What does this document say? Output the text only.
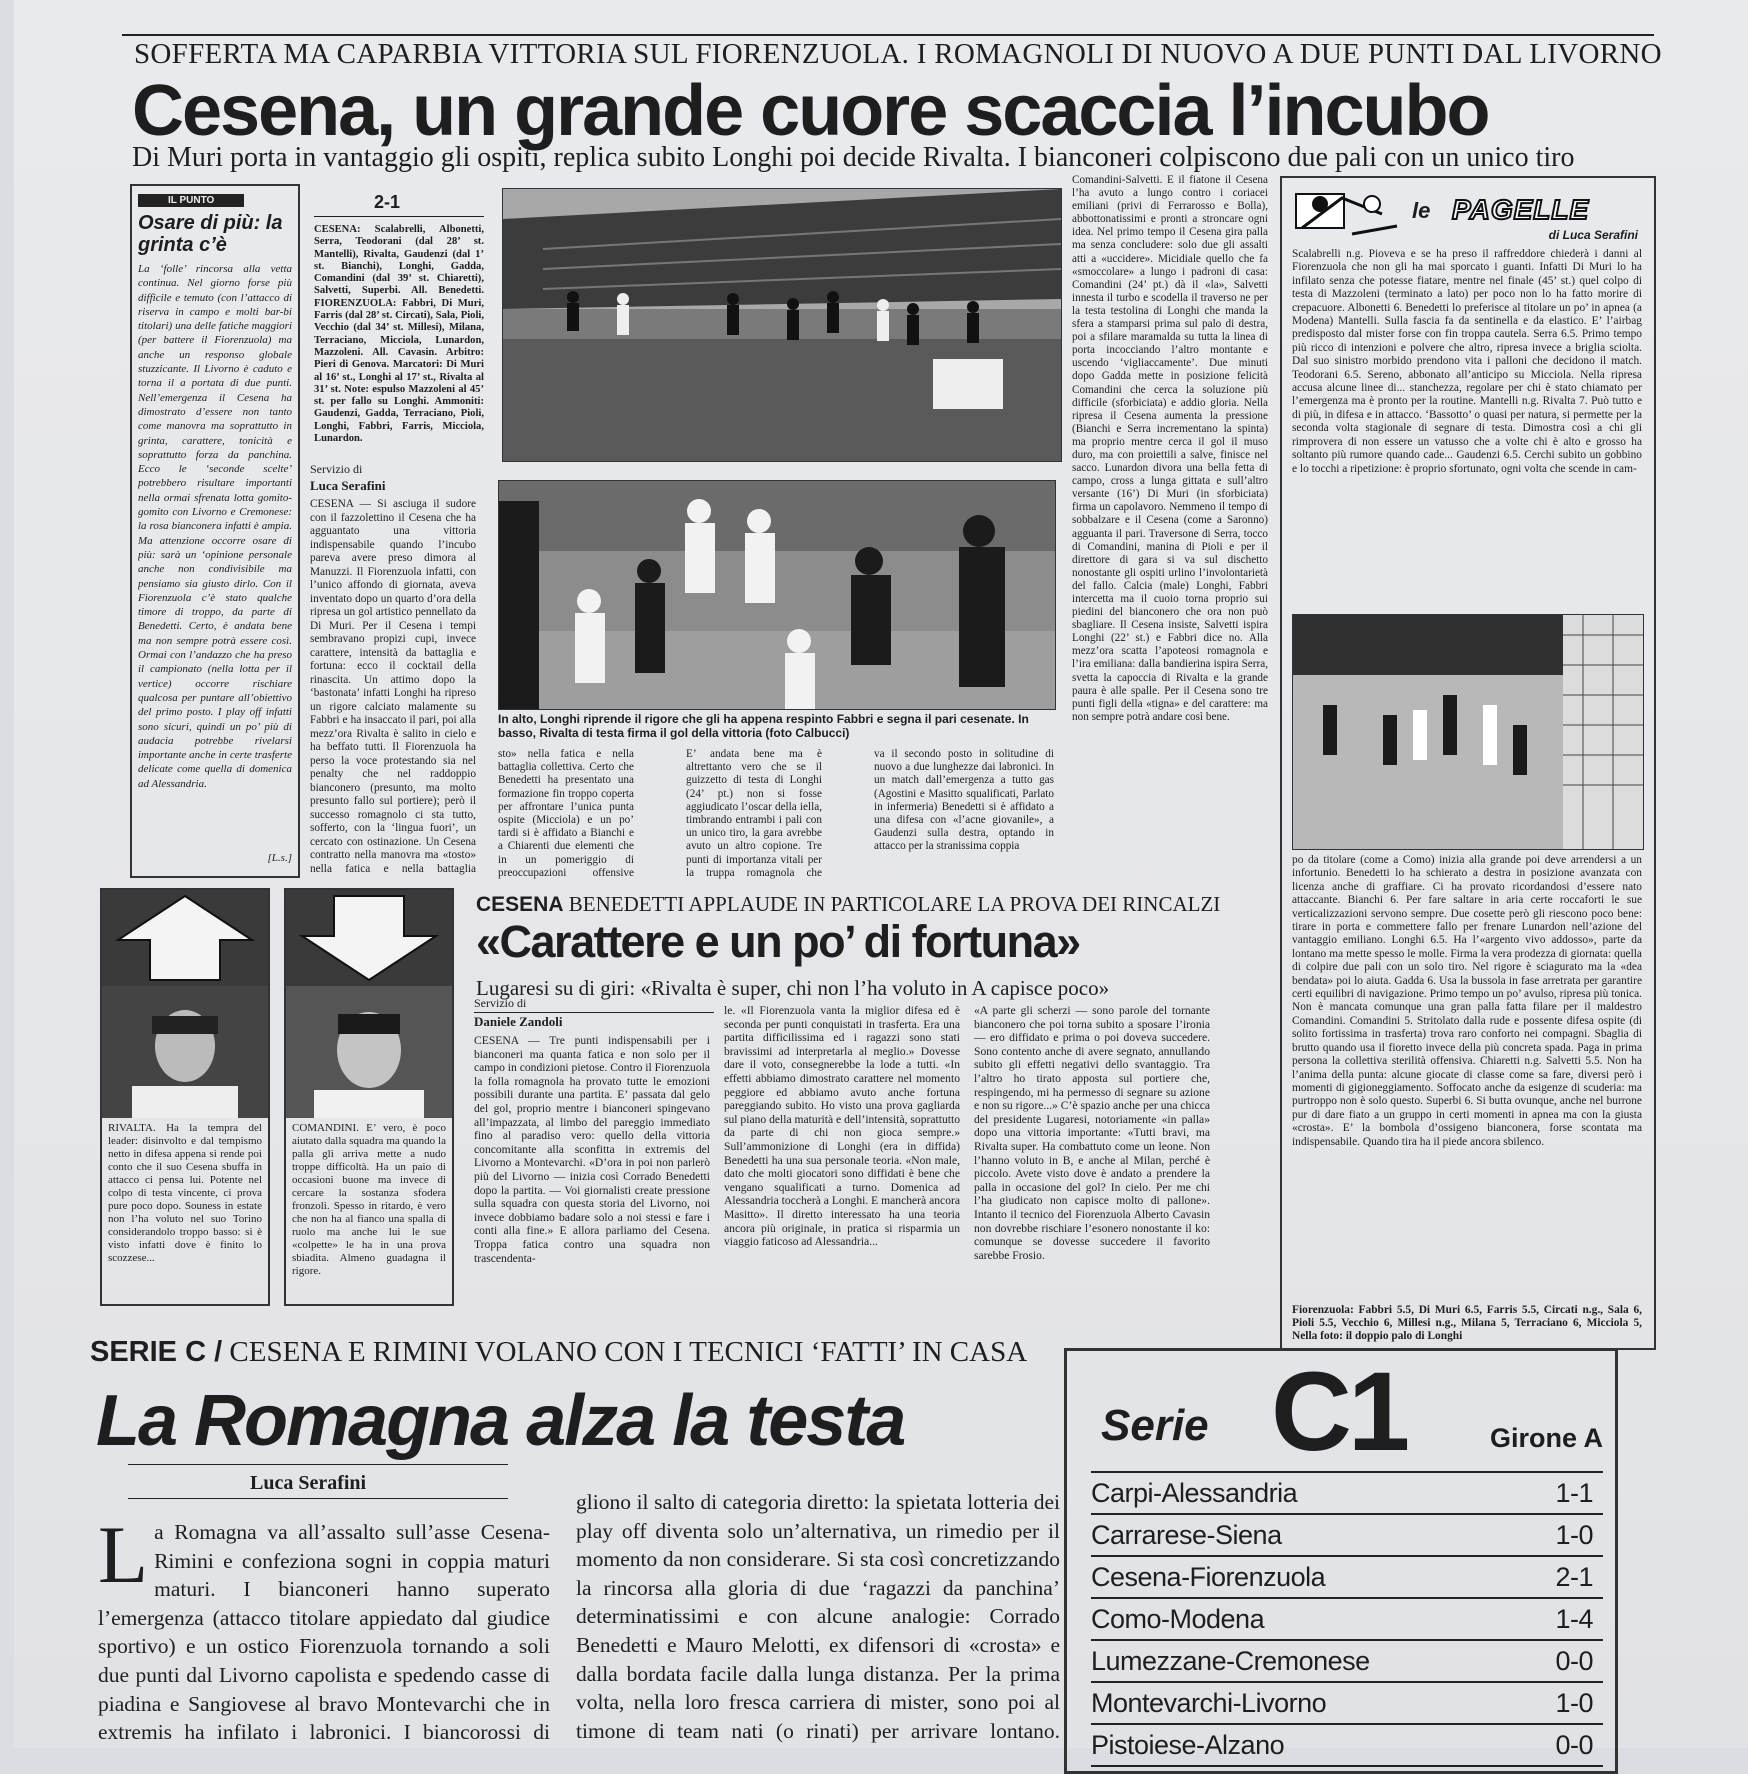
SOFFERTA MA CAPARBIA VITTORIA SUL FIORENZUOLA. I ROMAGNOLI DI NUOVO A DUE PUNTI DAL LIVORNO
Cesena, un grande cuore scaccia l’incubo
Di Muri porta in vantaggio gli ospiti, replica subito Longhi poi decide Rivalta. I bianconeri colpiscono due pali con un unico tiro
IL PUNTO
Osare di più: la grinta c’è
La ‘folle’ rincorsa alla vetta continua. Nel giorno forse più difficile e temuto (con l’attacco di riserva in campo e molti bar-bi titolari) una delle fatiche maggiori (per battere il Fiorenzuola) ma anche un responso globale stuzzicante. Il Livorno è caduto e torna il a portata di due punti. Nell’emergenza il Cesena ha dimostrato d’essere non tanto come manovra ma soprattutto in grinta, carattere, tonicità e soprattutto forza da panchina. Ecco le ‘seconde scelte’ potrebbero risultare importanti nella ormai sfrenata lotta gomito-gomito con Livorno e Cremonese: la rosa bianconera infatti è ampia. Ma attenzione occorre osare di più: sarà un ‘opinione personale anche non condivisibile ma pensiamo sia giusto dirlo. Con il Fiorenzuola c’è stato qualche timore di troppo, da parte di Benedetti. Certo, è andata bene ma non sempre potrà essere così. Ormai con l’andazzo che ha preso il campionato (nella lotta per il vertice) occorre rischiare qualcosa per puntare all’obiettivo del primo posto. I play off infatti sono sicuri, quindi un po’ più di audacia potrebbe rivelarsi importante anche in certe trasferte delicate come quella di domenica ad Alessandria.
[L.s.]
2-1
CESENA: Scalabrelli, Albonetti, Serra, Teodorani (dal 28’ st. Mantelli), Rivalta, Gaudenzi (dal 1’ st. Bianchi), Longhi, Gadda, Comandini (dal 39’ st. Chiaretti), Salvetti, Superbi. All. Benedetti. FIORENZUOLA: Fabbri, Di Muri, Farris (dal 28’ st. Circati), Sala, Pioli, Vecchio (dal 34’ st. Millesi), Milana, Terraciano, Micciola, Lunardon, Mazzoleni. All. Cavasin. Arbitro: Pieri di Genova. Marcatori: Di Muri al 16’ st., Longhi al 17’ st., Rivalta al 31’ st. Note: espulso Mazzoleni al 45’ st. per fallo su Longhi. Ammoniti: Gaudenzi, Gadda, Terraciano, Pioli, Longhi, Fabbri, Farris, Micciola, Lunardon.
Servizio di
Luca Serafini
CESENA — Si asciuga il sudore con il fazzolettino il Cesena che ha agguantato una vittoria indispensabile quando l’incubo pareva avere preso dimora al Manuzzi. Il Fiorenzuola infatti, con l’unico affondo di giornata, aveva inventato dopo un quarto d’ora della ripresa un gol artistico pennellato da Di Muri. Per il Cesena i tempi sembravano propizi cupi, invece carattere, intensità da battaglia e fortuna: ecco il cocktail della rinascita. Un attimo dopo la ‘bastonata’ infatti Longhi ha ripreso un rigore calciato malamente su Fabbri e ha insaccato il pari, poi alla mezz’ora Rivalta è salito in cielo e ha beffato tutti. Il Fiorenzuola ha perso la voce protestando sia nel penalty che nel raddoppio bianconero (presunto, ma molto presunto fallo sul portiere); però il successo romagnolo ci sta tutto, sofferto, con la ‘lingua fuori’, un cercato con ostinazione. Un Cesena contratto nella manovra ma «tosto» nella fatica e nella battaglia
In alto, Longhi riprende il rigore che gli ha appena respinto Fabbri e segna il pari cesenate. In basso, Rivalta di testa firma il gol della vittoria (foto Calbucci)
sto» nella fatica e nella battaglia collettiva. Certo che Benedetti ha presentato una formazione fin troppo coperta per affrontare l’unica punta ospite (Micciola) e un po’ tardi si è affidato a Bianchi e a Chiarenti due elementi che in un pomeriggio di preoccupazioni offensive
E’ andata bene ma è altrettanto vero che se il guizzetto di testa di Longhi (24’ pt.) non si fosse aggiudicato l’oscar della iella, timbrando entrambi i pali con un unico tiro, la gara avrebbe avuto un altro copione. Tre punti di importanza vitali per la truppa romagnola che
va il secondo posto in solitudine di nuovo a due lunghezze dai labronici. In un match dall’emergenza a tutto gas (Agostini e Masitto squalificati, Parlato in infermeria) Benedetti si è affidato a una difesa con «l’acne giovanile», a Gaudenzi sulla destra, optando in attacco per la stranissima coppia
Comandini-Salvetti. E il fiatone il Cesena l’ha avuto a lungo contro i coriacei emiliani (privi di Ferrarosso e Bolla), abbottonatissimi e pronti a stroncare ogni idea. Nel primo tempo il Cesena gira palla ma senza concludere: solo due gli assalti atti a «uccidere». Micidiale quello che fa «smoccolare» a lungo i padroni di casa: Comandini (24’ pt.) dà il «la», Salvetti innesta il turbo e scodella il traverso ne per la testa testolina di Longhi che manda la sfera a stamparsi prima sul palo di destra, poi a sfilare maramalda su tutta la linea di porta incocciando l’altro montante e uscendo ‘vigliaccamente’. Due minuti dopo Gadda mette in posizione felicità Comandini che cerca la soluzione più difficile (sforbiciata) e addio gloria. Nella ripresa il Cesena aumenta la pressione (Bianchi e Serra incrementano la spinta) ma proprio mentre cerca il gol il muso duro, ma con proiettili a salve, finisce nel sacco. Lunardon divora una bella fetta di campo, cross a lunga gittata e sull’altro versante (16’) Di Muri (in sforbiciata) firma un capolavoro. Nemmeno il tempo di sobbalzare e il Cesena (come a Saronno) agguanta il pari. Traversone di Serra, tocco di Comandini, manina di Pioli e per il direttore di gara si va sul dischetto nonostante gli ospiti urlino l’involontarietà del fallo. Calcia (male) Longhi, Fabbri intercetta ma il cuoio torna proprio sui piedini del bianconero che ora non può sbagliare. Il Cesena insiste, Salvetti ispira Longhi (22’ st.) e Fabbri dice no. Alla mezz’ora scatta l’apoteosi romagnola e l’ira emiliana: dalla bandierina ispira Serra, svetta la capoccia di Rivalta e la grande paura è alle spalle. Per il Cesena sono tre punti figli della «tigna» e del carattere: ma non sempre potrà andare così bene.
le PAGELLE
di Luca Serafini
Scalabrelli n.g. Pioveva e se ha preso il raffreddore chiederà i danni al Fiorenzuola che non gli ha mai sporcato i guanti. Infatti Di Muri lo ha infilato senza che potesse fiatare, mentre nel finale (45’ st.) quel colpo di testa di Mazzoleni (terminato a lato) per poco non lo ha fatto morire di crepacuore. Albonetti 6. Benedetti lo preferisce al titolare un po’ in apnea (a Modena) Mantelli. Sulla fascia fa da sentinella e da elastico. E’ l’airbag predisposto dal mister forse con fin troppa cautela. Serra 6.5. Primo tempo più ricco di intenzioni e polvere che altro, ripresa invece a briglia sciolta. Dal suo sinistro morbido prendono vita i palloni che decidono il match. Teodorani 6.5. Sereno, abbonato all’anticipo su Micciola. Nella ripresa accusa alcune linee di... stanchezza, regolare per chi è stato chiamato per l’emergenza ma è pronto per la routine. Mantelli n.g. Rivalta 7. Può tutto e di più, in difesa e in attacco. ‘Bassotto’ o quasi per natura, si permette per la seconda volta stagionale di segnare di testa. Dimostra così a chi gli rimprovera di non essere un vatusso che a volte chi è alto e grosso ha soltanto più rumore quando cade... Gaudenzi 6.5. Cerchi subito un gobbino e lo tocchi a ripetizione: è proprio sfortunato, ogni volta che scende in cam-
po da titolare (come a Como) inizia alla grande poi deve arrendersi a un infortunio. Benedetti lo ha schierato a destra in posizione avanzata con licenza anche di graffiare. Ci ha provato ricordandosi d’essere nato attaccante. Bianchi 6. Per fare saltare in aria certe roccaforti le sue verticalizzazioni servono sempre. Due cosette però gli riescono poco bene: tirare in porta e commettere fallo per frenare Lunardon nell’azione del vantaggio emiliano. Longhi 6.5. Ha l’«argento vivo addosso», parte da lontano ma mette spesso le molle. Firma la vera prodezza di giornata: quella di colpire due pali con un solo tiro. Nel rigore è sciagurato ma la «dea bendata» poi lo aiuta. Gadda 6. Usa la bussola in fase arretrata per garantire certi equilibri di navigazione. Primo tempo un po’ avulso, ripresa più tonica. Non è mancata comunque una gran palla fatta filare per il maldestro Comandini. Comandini 5. Stritolato dalla rude e possente difesa ospite (di solito fortissima in trasferta) trova raro conforto nei compagni. Sbaglia di brutto quando usa il fioretto invece della più concreta spada. Paga in prima persona la collettiva sterilità offensiva. Chiaretti n.g. Salvetti 5.5. Non ha l’anima della punta: alcune giocate di classe come sa fare, diversi però i momenti di gigioneggiamento. Soffocato anche da esigenze di scuderia: ma purtroppo non è solo questo. Superbi 6. Si butta ovunque, anche nel burrone pur di dare fiato a un gruppo in certi momenti in apnea ma con la giusta «crosta». E’ la bombola d’ossigeno bianconera, forse scontata ma indispensabile. Quando tira ha il piede ancora sbilenco.
Fiorenzuola: Fabbri 5.5, Di Muri 6.5, Farris 5.5, Circati n.g., Sala 6, Pioli 5.5, Vecchio 6, Millesi n.g., Milana 5, Terraciano 6, Micciola 5,
Nella foto: il doppio palo di Longhi
RIVALTA. Ha la tempra del leader: disinvolto e dal tempismo netto in difesa appena si rende poi conto che il suo Cesena sbuffa in attacco ci pensa lui. Potente nel colpo di testa vincente, ci prova pure poco dopo. Souness in estate non l’ha voluto nel suo Torino considerandolo troppo basso: si è visto infatti dove è finito lo scozzese...
COMANDINI. E’ vero, è poco aiutato dalla squadra ma quando la palla gli arriva mette a nudo troppe difficoltà. Ha un paio di occasioni buone ma invece di cercare la sostanza sfodera fronzoli. Spesso in ritardo, è vero che non ha al fianco una spalla di ruolo ma anche lui le sue «colpette» le ha in una prova sbiadita. Almeno guadagna il rigore.
CESENA BENEDETTI APPLAUDE IN PARTICOLARE LA PROVA DEI RINCALZI
«Carattere e un po’ di fortuna»
Lugaresi su di giri: «Rivalta è super, chi non l’ha voluto in A capisce poco»
Servizio di
Daniele Zandoli
CESENA — Tre punti indispensabili per i bianconeri ma quanta fatica e non solo per il campo in condizioni pietose. Contro il Fiorenzuola la folla romagnola ha provato tutte le emozioni possibili durante una partita. E’ passata dal gelo del gol, proprio mentre i bianconeri spingevano all’impazzata, al limbo del pareggio immediato fino al paradiso vero: quello della vittoria concomitante alla sconfitta in extremis del Livorno a Montevarchi. «D’ora in poi non parlerò più del Livorno — inizia così Corrado Benedetti dopo la partita. — Voi giornalisti create pressione sulla squadra con questa storia del Livorno, noi invece dobbiamo badare solo a noi stessi e fare i conti alla fine.» E allora parliamo del Cesena. Troppa fatica contro una squadra non trascendenta-
le. «Il Fiorenzuola vanta la miglior difesa ed è seconda per punti conquistati in trasferta. Era una partita difficilissima ed i ragazzi sono stati bravissimi ad interpretarla al meglio.» Dovesse dare il voto, consegnerebbe la lode a tutti. «In effetti abbiamo dimostrato carattere nel momento peggiore ed abbiamo avuto anche fortuna pareggiando subito. Ho visto una prova gagliarda sul piano della maturità e dell’intensità, soprattutto da parte di chi non gioca sempre.» Sull’ammonizione di Longhi (era in diffida) Benedetti ha una sua personale teoria. «Non male, dato che molti giocatori sono diffidati è bene che vengano squalificati a turno. Domenica ad Alessandria toccherà a Longhi. E mancherà ancora Masitto». Il diretto interessato ha una teoria ancora più originale, in pratica si risparmia un viaggio faticoso ad Alessandria...
«A parte gli scherzi — sono parole del tornante bianconero che poi torna subito a sposare l’ironia — ero diffidato e prima o poi doveva succedere. Sono contento anche di avere segnato, annullando subito gli effetti negativi dello svantaggio. Tra l’altro ho tirato apposta sul portiere che, respingendo, mi ha permesso di segnare su azione e non su rigore...» C’è spazio anche per una chicca del presidente Lugaresi, notoriamente «in palla» dopo una vittoria importante: «Tutti bravi, ma Rivalta super. Ha combattuto come un leone. Non l’hanno voluto in B, e anche al Milan, perché è piccolo. Avete visto dove è andato a prendere la palla in occasione del gol? In cielo. Per me chi l’ha giudicato non capisce molto di pallone». Intanto il tecnico del Fiorenzuola Alberto Cavasin non dovrebbe rischiare l’esonero nonostante il ko: comunque se dovesse succedere il favorito sarebbe Frosio.
SERIE C / CESENA E RIMINI VOLANO CON I TECNICI ‘FATTI’ IN CASA
La Romagna alza la testa
Luca Serafini
L a Romagna va all’assalto sull’asse Cesena-Rimini e confeziona sogni in coppia maturi maturi. I bianconeri hanno superato l’emergenza (attacco titolare appiedato dal giudice sportivo) e un ostico Fiorenzuola tornando a soli due punti dal Livorno capolista e spedendo casse di piadina e Sangiovese al bravo Montevarchi che in extremis ha infilato i labronici. I biancorossi di
gliono il salto di categoria diretto: la spietata lotteria dei play off diventa solo un’alternativa, un rimedio per il momento da non considerare. Si sta così concretizzando la rincorsa alla gloria di due ‘ragazzi da panchina’ determinatissimi e con alcune analogie: Corrado Benedetti e Mauro Melotti, ex difensori di «crosta» e dalla bordata facile dalla lunga distanza. Per la prima volta, nella loro fresca carriera di mister, sono poi al timone di team nati (o rinati) per arrivare lontano.
Serie C1	Girone A
Carpi-Alessandria	1-1
Carrarese-Siena	1-0
Cesena-Fiorenzuola	2-1
Como-Modena	1-4
Lumezzane-Cremonese	0-0
Montevarchi-Livorno	1-0
Pistoiese-Alzano	0-0
